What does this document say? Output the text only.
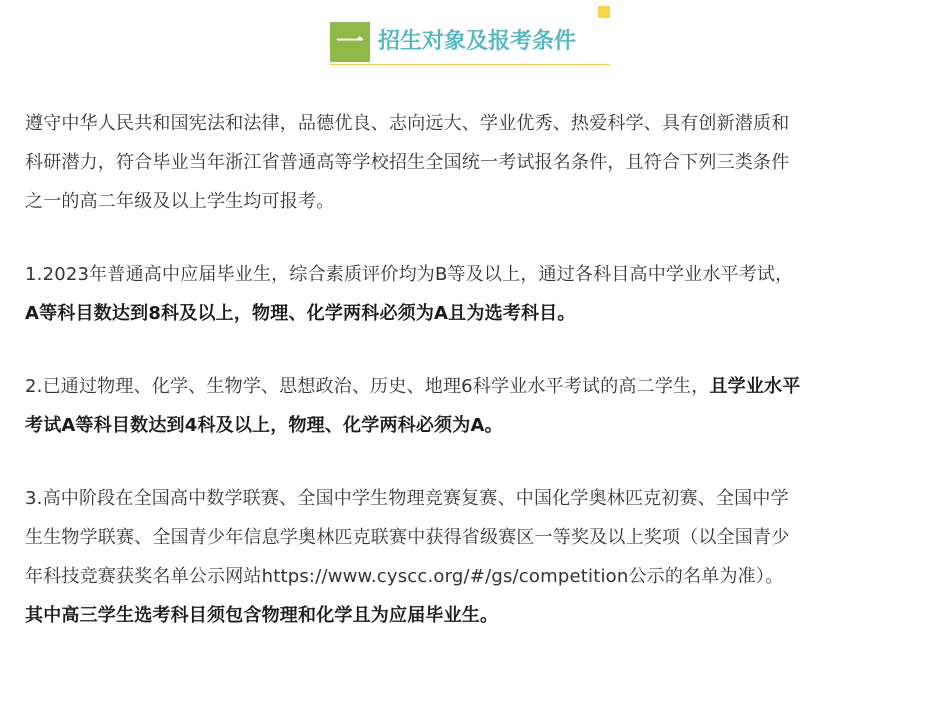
一 招生对象及报考条件

遵守中华人民共和国宪法和法律，品德优良、志向远大、学业优秀、热爱科学、具有创新潜质和
科研潜力，符合毕业当年浙江省普通高等学校招生全国统一考试报名条件，且符合下列三类条件
之一的高二年级及以上学生均可报考。

1.2023年普通高中应届毕业生，综合素质评价均为B等及以上，通过各科目高中学业水平考试，
A等科目数达到8科及以上，物理、化学两科必须为A且为选考科目。

2.已通过物理、化学、生物学、思想政治、历史、地理6科学业水平考试的高二学生，且学业水平
考试A等科目数达到4科及以上，物理、化学两科必须为A。

3.高中阶段在全国高中数学联赛、全国中学生物理竞赛复赛、中国化学奥林匹克初赛、全国中学
生生物学联赛、全国青少年信息学奥林匹克联赛中获得省级赛区一等奖及以上奖项（以全国青少
年科技竞赛获奖名单公示网站https://www.cyscc.org/#/gs/competition公示的名单为准）。
其中高三学生选考科目须包含物理和化学且为应届毕业生。
